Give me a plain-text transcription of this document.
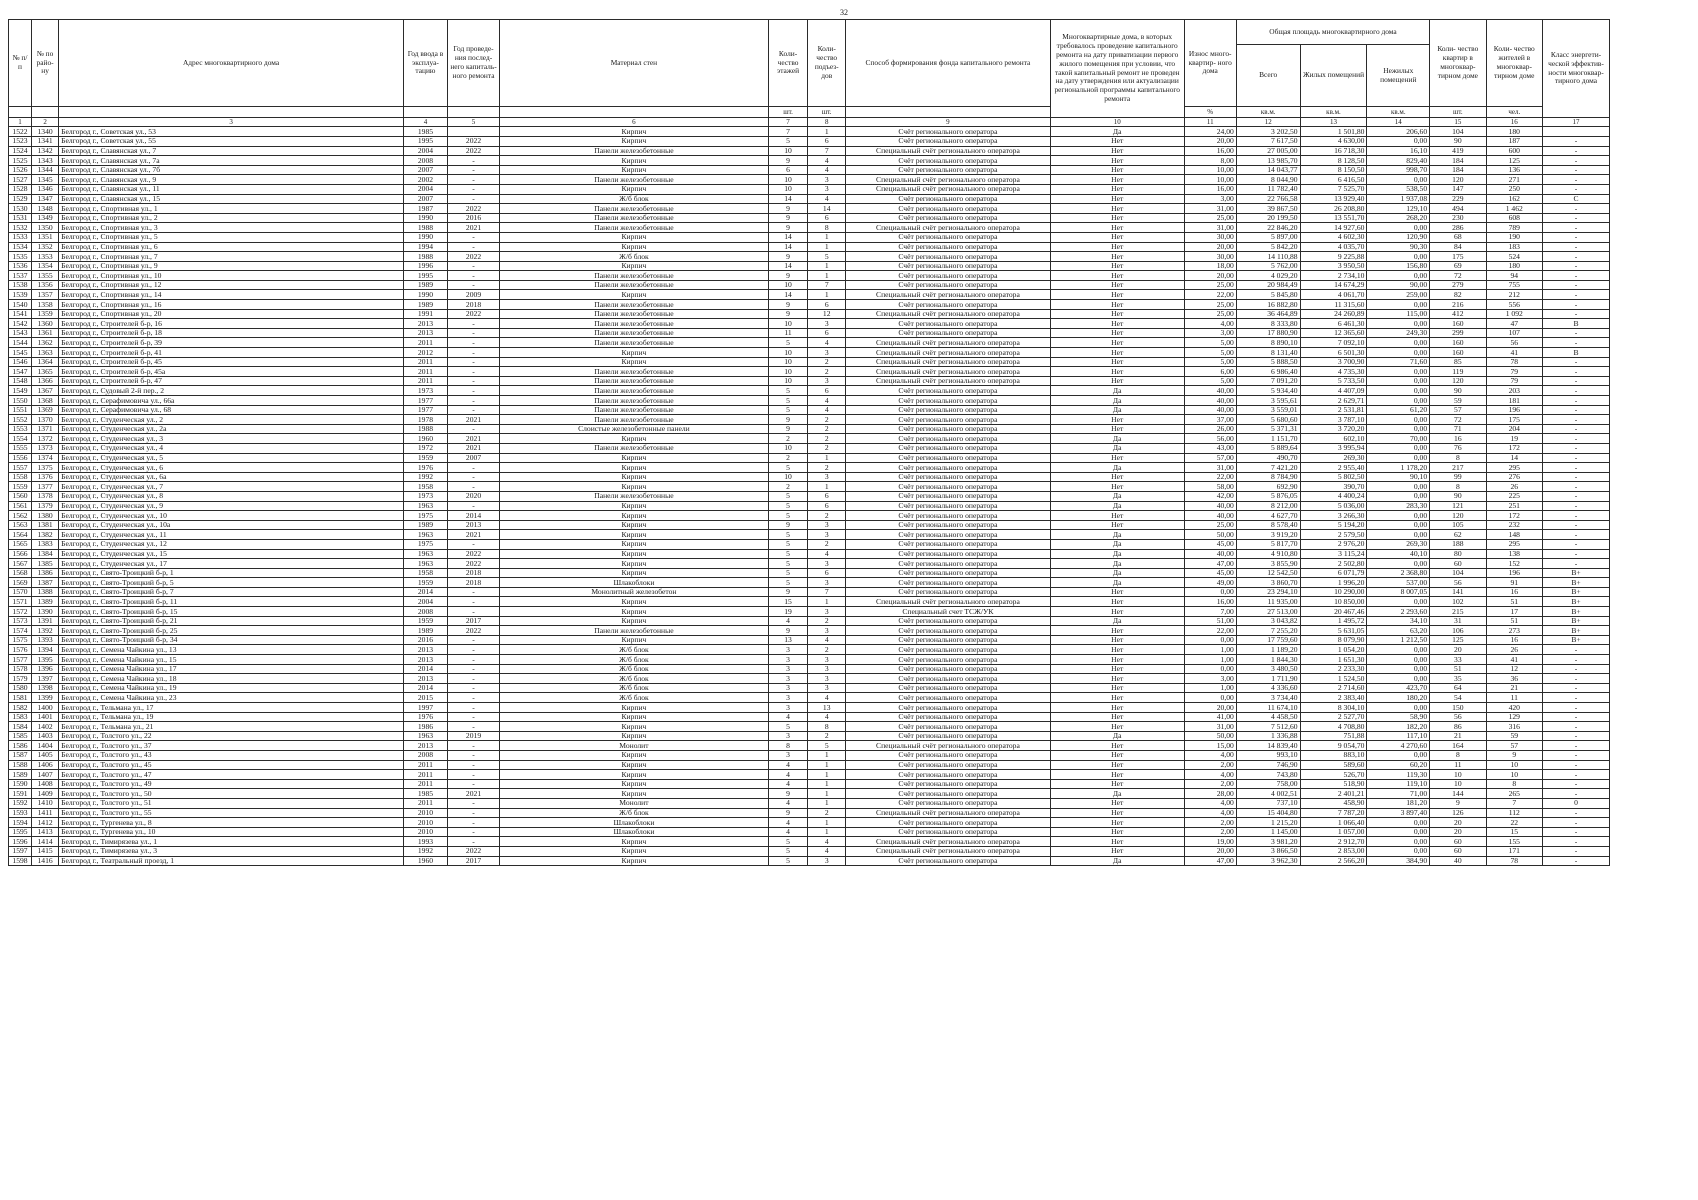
32
№ п/п	№ по райо- ну	Адрес многоквартирного дома	Год ввода в эксплуа- тацию	Год проведе- ния послед- него капиталь- ного ремонта	Материал стен	Коли- чество этажей	Коли- чество подъез- дов	Способ формирования фонда капитального ремонта	Многоквартирные дома, в которых требовалось проведение капитального ремонта на дату приватизации первого жилого помещения при условии, что такой капитальный ремонт не проведен на дату утверждения или актуализации региональной программы капитального ремонта	Износ много- квартир- ного дома	Общая площадь многоквартирного дома			Коли- чество квартир в многоквар- тирном доме	Коли- чество жителей в многоквар- тирном доме	Класс энергети- ческой эффектив- ности многоквар- тирного дома
											Всего	Жилых помещений	Нежилых помещений			
						шт.	шт.			%	кв.м.	кв.м.	кв.м.	шт.	чел.	
1	2	3	4	5	6	7	8	9	10	11	12	13	14	15	16	17
1522	1340	Белгород г., Советская ул., 53	1985		Кирпич	7	1	Счёт регионального оператора	Да	24,00	3 202,50	1 501,80	206,60	104	180	
1523	1341	Белгород г., Советская ул., 55	1995	2022	Кирпич	5	6	Счёт регионального оператора	Нет	20,00	7 617,50	4 630,00	0,00	90	187	-
1524	1342	Белгород г., Славянская ул., 7	2004	2022	Панели железобетонные	10	7	Специальный счёт регионального оператора	Нет	16,00	27 005,00	16 718,30	16,10	419	600	-
1525	1343	Белгород г., Славянская ул., 7а	2008	-	Кирпич	9	4	Счёт регионального оператора	Нет	8,00	13 985,70	8 128,50	829,40	184	125	-
1526	1344	Белгород г., Славянская ул., 7б	2007	-	Кирпич	6	4	Счёт регионального оператора	Нет	10,00	14 043,77	8 150,50	998,70	184	136	-
1527	1345	Белгород г., Славянская ул., 9	2002	-	Панели железобетонные	10	3	Специальный счёт регионального оператора	Нет	10,00	8 044,90	6 416,50	0,00	120	271	-
1528	1346	Белгород г., Славянская ул., 11	2004	-	Кирпич	10	3	Специальный счёт регионального оператора	Нет	16,00	11 782,40	7 525,70	538,50	147	250	-
1529	1347	Белгород г., Славянская ул., 15	2007	-	Ж/б блок	14	4	Счёт регионального оператора	Нет	3,00	22 766,58	13 929,40	1 937,08	229	162	C
1530	1348	Белгород г., Спортивная ул., 1	1987	2022	Панели железобетонные	9	14	Счёт регионального оператора	Нет	31,00	39 867,50	26 208,80	129,10	494	1 462	-
1531	1349	Белгород г., Спортивная ул., 2	1990	2016	Панели железобетонные	9	6	Счёт регионального оператора	Нет	25,00	20 199,50	13 551,70	268,20	230	608	-
1532	1350	Белгород г., Спортивная ул., 3	1988	2021	Панели железобетонные	9	8	Специальный счёт регионального оператора	Нет	31,00	22 846,20	14 927,60	0,00	286	789	-
1533	1351	Белгород г., Спортивная ул., 5	1990	-	Кирпич	14	1	Счёт регионального оператора	Нет	30,00	5 897,00	4 602,30	120,90	68	190	-
1534	1352	Белгород г., Спортивная ул., 6	1994	-	Кирпич	14	1	Счёт регионального оператора	Нет	20,00	5 842,20	4 035,70	90,30	84	183	-
1535	1353	Белгород г., Спортивная ул., 7	1988	2022	Ж/б блок	9	5	Счёт регионального оператора	Нет	30,00	14 110,88	9 225,88	0,00	175	524	-
1536	1354	Белгород г., Спортивная ул., 9	1996	-	Кирпич	14	1	Счёт регионального оператора	Нет	18,00	5 762,00	3 950,50	156,80	69	180	-
1537	1355	Белгород г., Спортивная ул., 10	1995	-	Панели железобетонные	9	1	Счёт регионального оператора	Нет	20,00	4 029,20	2 734,10	0,00	72	94	-
1538	1356	Белгород г., Спортивная ул., 12	1989	-	Панели железобетонные	10	7	Счёт регионального оператора	Нет	25,00	20 984,49	14 674,29	90,00	279	755	-
1539	1357	Белгород г., Спортивная ул., 14	1990	2009	Кирпич	14	1	Специальный счёт регионального оператора	Нет	22,00	5 845,80	4 061,70	259,00	82	212	-
1540	1358	Белгород г., Спортивная ул., 16	1989	2018	Панели железобетонные	9	6	Счёт регионального оператора	Нет	25,00	16 882,80	11 315,60	0,00	216	556	-
1541	1359	Белгород г., Спортивная ул., 20	1991	2022	Панели железобетонные	9	12	Специальный счёт регионального оператора	Нет	25,00	36 464,89	24 260,89	115,00	412	1 092	-
1542	1360	Белгород г., Строителей б-р, 16	2013	-	Панели железобетонные	10	3	Счёт регионального оператора	Нет	4,00	8 333,80	6 461,30	0,00	160	47	B
1543	1361	Белгород г., Строителей б-р, 18	2013	-	Панели железобетонные	11	6	Счёт регионального оператора	Нет	3,00	17 880,90	12 365,60	249,30	299	107	-
1544	1362	Белгород г., Строителей б-р, 39	2011	-	Панели железобетонные	5	4	Специальный счёт регионального оператора	Нет	5,00	8 890,10	7 092,10	0,00	160	56	-
1545	1363	Белгород г., Строителей б-р, 41	2012	-	Кирпич	10	3	Специальный счёт регионального оператора	Нет	5,00	8 131,40	6 501,30	0,00	160	41	B
1546	1364	Белгород г., Строителей б-р, 45	2011	-	Кирпич	10	2	Специальный счёт регионального оператора	Нет	5,00	5 888,50	3 700,90	71,60	85	78	-
1547	1365	Белгород г., Строителей б-р, 45а	2011	-	Панели железобетонные	10	2	Специальный счёт регионального оператора	Нет	6,00	6 986,40	4 735,30	0,00	119	79	-
1548	1366	Белгород г., Строителей б-р, 47	2011	-	Панели железобетонные	10	3	Специальный счёт регионального оператора	Нет	5,00	7 091,20	5 733,50	0,00	120	79	-
1549	1367	Белгород г., Судовый 2-й пер., 2	1973	-	Панели железобетонные	5	6	Счёт регионального оператора	Да	40,00	5 934,40	4 407,09	0,00	90	203	-
1550	1368	Белгород г., Серафимовича ул., 66а	1977	-	Панели железобетонные	5	4	Счёт регионального оператора	Да	40,00	3 595,61	2 629,71	0,00	59	181	-
1551	1369	Белгород г., Серафимовича ул., 68	1977	-	Панели железобетонные	5	4	Счёт регионального оператора	Да	40,00	3 559,01	2 531,81	61,20	57	196	-
1552	1370	Белгород г., Студенческая ул., 2	1978	2021	Панели железобетонные	9	2	Счёт регионального оператора	Нет	37,00	5 680,60	3 787,10	0,00	72	175	-
1553	1371	Белгород г., Студенческая ул., 2а	1988	-	Слоистые железобетонные панели	9	2	Счёт регионального оператора	Нет	26,00	5 371,31	3 720,20	0,00	71	204	-
1554	1372	Белгород г., Студенческая ул., 3	1960	2021	Кирпич	2	2	Счёт регионального оператора	Да	56,00	1 151,70	602,10	70,00	16	19	-
1555	1373	Белгород г., Студенческая ул., 4	1972	2021	Панели железобетонные	10	2	Счёт регионального оператора	Да	43,00	5 889,64	3 995,94	0,00	76	172	-
1556	1374	Белгород г., Студенческая ул., 5	1959	2007	Кирпич	2	1	Счёт регионального оператора	Нет	57,00	490,70	269,30	0,00	8	14	-
1557	1375	Белгород г., Студенческая ул., 6	1976	-	Кирпич	5	2	Счёт регионального оператора	Да	31,00	7 421,20	2 955,40	1 178,20	217	295	-
1558	1376	Белгород г., Студенческая ул., 6а	1992	-	Кирпич	10	3	Счёт регионального оператора	Нет	22,00	8 784,90	5 802,50	90,10	99	276	-
1559	1377	Белгород г., Студенческая ул., 7	1958	-	Кирпич	2	1	Счёт регионального оператора	Нет	58,00	692,90	390,70	0,00	8	26	-
1560	1378	Белгород г., Студенческая ул., 8	1973	2020	Панели железобетонные	5	6	Счёт регионального оператора	Да	42,00	5 876,05	4 400,24	0,00	90	225	-
1561	1379	Белгород г., Студенческая ул., 9	1963	-	Кирпич	5	6	Счёт регионального оператора	Да	40,00	8 212,00	5 036,00	283,30	121	251	-
1562	1380	Белгород г., Студенческая ул., 10	1975	2014	Кирпич	5	2	Счёт регионального оператора	Нет	40,00	4 627,70	3 266,30	0,00	120	172	-
1563	1381	Белгород г., Студенческая ул., 10а	1989	2013	Кирпич	9	3	Счёт регионального оператора	Нет	25,00	8 578,40	5 194,20	0,00	105	232	-
1564	1382	Белгород г., Студенческая ул., 11	1963	2021	Кирпич	5	3	Счёт регионального оператора	Да	50,00	3 919,20	2 579,50	0,00	62	148	-
1565	1383	Белгород г., Студенческая ул., 12	1975	-	Кирпич	5	2	Счёт регионального оператора	Да	45,00	5 817,70	2 976,20	269,30	188	295	-
1566	1384	Белгород г., Студенческая ул., 15	1963	2022	Кирпич	5	4	Счёт регионального оператора	Да	40,00	4 910,80	3 115,24	40,10	80	138	-
1567	1385	Белгород г., Студенческая ул., 17	1963	2022	Кирпич	5	3	Счёт регионального оператора	Да	47,00	3 855,90	2 502,80	0,00	60	152	-
1568	1386	Белгород г., Свято-Троицкий б-р, 1	1958	2018	Кирпич	5	6	Счёт регионального оператора	Да	45,00	12 542,50	6 071,79	2 368,80	104	196	B+
1569	1387	Белгород г., Свято-Троицкий б-р, 5	1959	2018	Шлакоблоки	5	3	Счёт регионального оператора	Да	49,00	3 860,70	1 996,20	537,00	56	91	B+
1570	1388	Белгород г., Свято-Троицкий б-р, 7	2014	-	Монолитный железобетон	9	7	Счёт регионального оператора	Нет	0,00	23 294,10	10 290,00	8 007,05	141	16	B+
1571	1389	Белгород г., Свято-Троицкий б-р, 11	2004	-	Кирпич	15	1	Специальный счёт регионального оператора	Нет	16,00	11 935,00	10 850,00	0,00	102	51	B+
1572	1390	Белгород г., Свято-Троицкий б-р, 15	2008	-	Кирпич	19	3	Специальный счет ТСЖ/УК	Нет	7,00	27 513,00	20 467,46	2 293,60	215	17	B+
1573	1391	Белгород г., Свято-Троицкий б-р, 21	1959	2017	Кирпич	4	2	Счёт регионального оператора	Да	51,00	3 043,82	1 495,72	34,10	31	51	B+
1574	1392	Белгород г., Свято-Троицкий б-р, 25	1989	2022	Панели железобетонные	9	3	Счёт регионального оператора	Нет	22,00	7 255,20	5 631,05	63,20	106	273	B+
1575	1393	Белгород г., Свято-Троицкий б-р, 34	2016	-	Кирпич	13	4	Счёт регионального оператора	Нет	0,00	17 759,60	8 079,90	1 212,50	125	16	B+
1576	1394	Белгород г., Семена Чайкина ул., 13	2013	-	Ж/б блок	3	2	Счёт регионального оператора	Нет	1,00	1 189,20	1 054,20	0,00	20	26	-
1577	1395	Белгород г., Семена Чайкина ул., 15	2013	-	Ж/б блок	3	3	Счёт регионального оператора	Нет	1,00	1 844,30	1 651,30	0,00	33	41	-
1578	1396	Белгород г., Семена Чайкина ул., 17	2014	-	Ж/б блок	3	3	Счёт регионального оператора	Нет	0,00	3 480,50	2 233,30	0,00	51	12	-
1579	1397	Белгород г., Семена Чайкина ул., 18	2013	-	Ж/б блок	3	3	Счёт регионального оператора	Нет	3,00	1 711,90	1 524,50	0,00	35	36	-
1580	1398	Белгород г., Семена Чайкина ул., 19	2014	-	Ж/б блок	3	3	Счёт регионального оператора	Нет	1,00	4 336,60	2 714,60	423,70	64	21	-
1581	1399	Белгород г., Семена Чайкина ул., 23	2015	-	Ж/б блок	3	4	Счёт регионального оператора	Нет	0,00	3 734,40	2 383,40	180,20	54	11	-
1582	1400	Белгород г., Тельмана ул., 17	1997	-	Кирпич	3	13	Счёт регионального оператора	Нет	20,00	11 674,10	8 304,10	0,00	150	420	-
1583	1401	Белгород г., Тельмана ул., 19	1976	-	Кирпич	4	4	Счёт регионального оператора	Нет	41,00	4 458,50	2 527,70	58,90	56	129	-
1584	1402	Белгород г., Тельмана ул., 21	1986	-	Кирпич	5	8	Счёт регионального оператора	Нет	31,00	7 512,60	4 708,80	182,20	86	316	-
1585	1403	Белгород г., Толстого ул., 22	1963	2019	Кирпич	3	2	Счёт регионального оператора	Да	50,00	1 336,88	751,88	117,10	21	59	-
1586	1404	Белгород г., Толстого ул., 37	2013	-	Монолит	8	5	Специальный счёт регионального оператора	Нет	15,00	14 839,40	9 054,70	4 270,60	164	57	-
1587	1405	Белгород г., Толстого ул., 43	2008	-	Кирпич	3	1	Счёт регионального оператора	Нет	4,00	993,10	883,10	0,00	8	9	-
1588	1406	Белгород г., Толстого ул., 45	2011	-	Кирпич	4	1	Счёт регионального оператора	Нет	2,00	746,90	589,60	60,20	11	10	-
1589	1407	Белгород г., Толстого ул., 47	2011	-	Кирпич	4	1	Счёт регионального оператора	Нет	4,00	743,80	526,70	119,30	10	10	-
1590	1408	Белгород г., Толстого ул., 49	2011	-	Кирпич	4	1	Счёт регионального оператора	Нет	2,00	758,00	518,90	119,10	10	8	-
1591	1409	Белгород г., Толстого ул., 50	1985	2021	Кирпич	9	1	Счёт регионального оператора	Да	28,00	4 002,51	2 401,21	71,00	144	265	-
1592	1410	Белгород г., Толстого ул., 51	2011	-	Монолит	4	1	Счёт регионального оператора	Нет	4,00	737,10	458,90	181,20	9	7	0
1593	1411	Белгород г., Толстого ул., 55	2010	-	Ж/б блок	9	2	Специальный счёт регионального оператора	Нет	4,00	15 404,80	7 787,20	3 897,40	126	112	-
1594	1412	Белгород г., Тургенева ул., 8	2010	-	Шлакоблоки	4	1	Счёт регионального оператора	Нет	2,00	1 215,20	1 066,40	0,00	20	22	-
1595	1413	Белгород г., Тургенева ул., 10	2010	-	Шлакоблоки	4	1	Счёт регионального оператора	Нет	2,00	1 145,00	1 057,00	0,00	20	15	-
1596	1414	Белгород г., Тимирязева ул., 1	1993	-	Кирпич	5	4	Специальный счёт регионального оператора	Нет	19,00	3 981,20	2 912,70	0,00	60	155	-
1597	1415	Белгород г., Тимирязева ул., 3	1992	2022	Кирпич	5	4	Специальный счёт регионального оператора	Нет	20,00	3 866,50	2 853,00	0,00	60	171	-
1598	1416	Белгород г., Театральный проезд, 1	1960	2017	Кирпич	5	3	Счёт регионального оператора	Да	47,00	3 962,30	2 566,20	384,90	40	78	-
